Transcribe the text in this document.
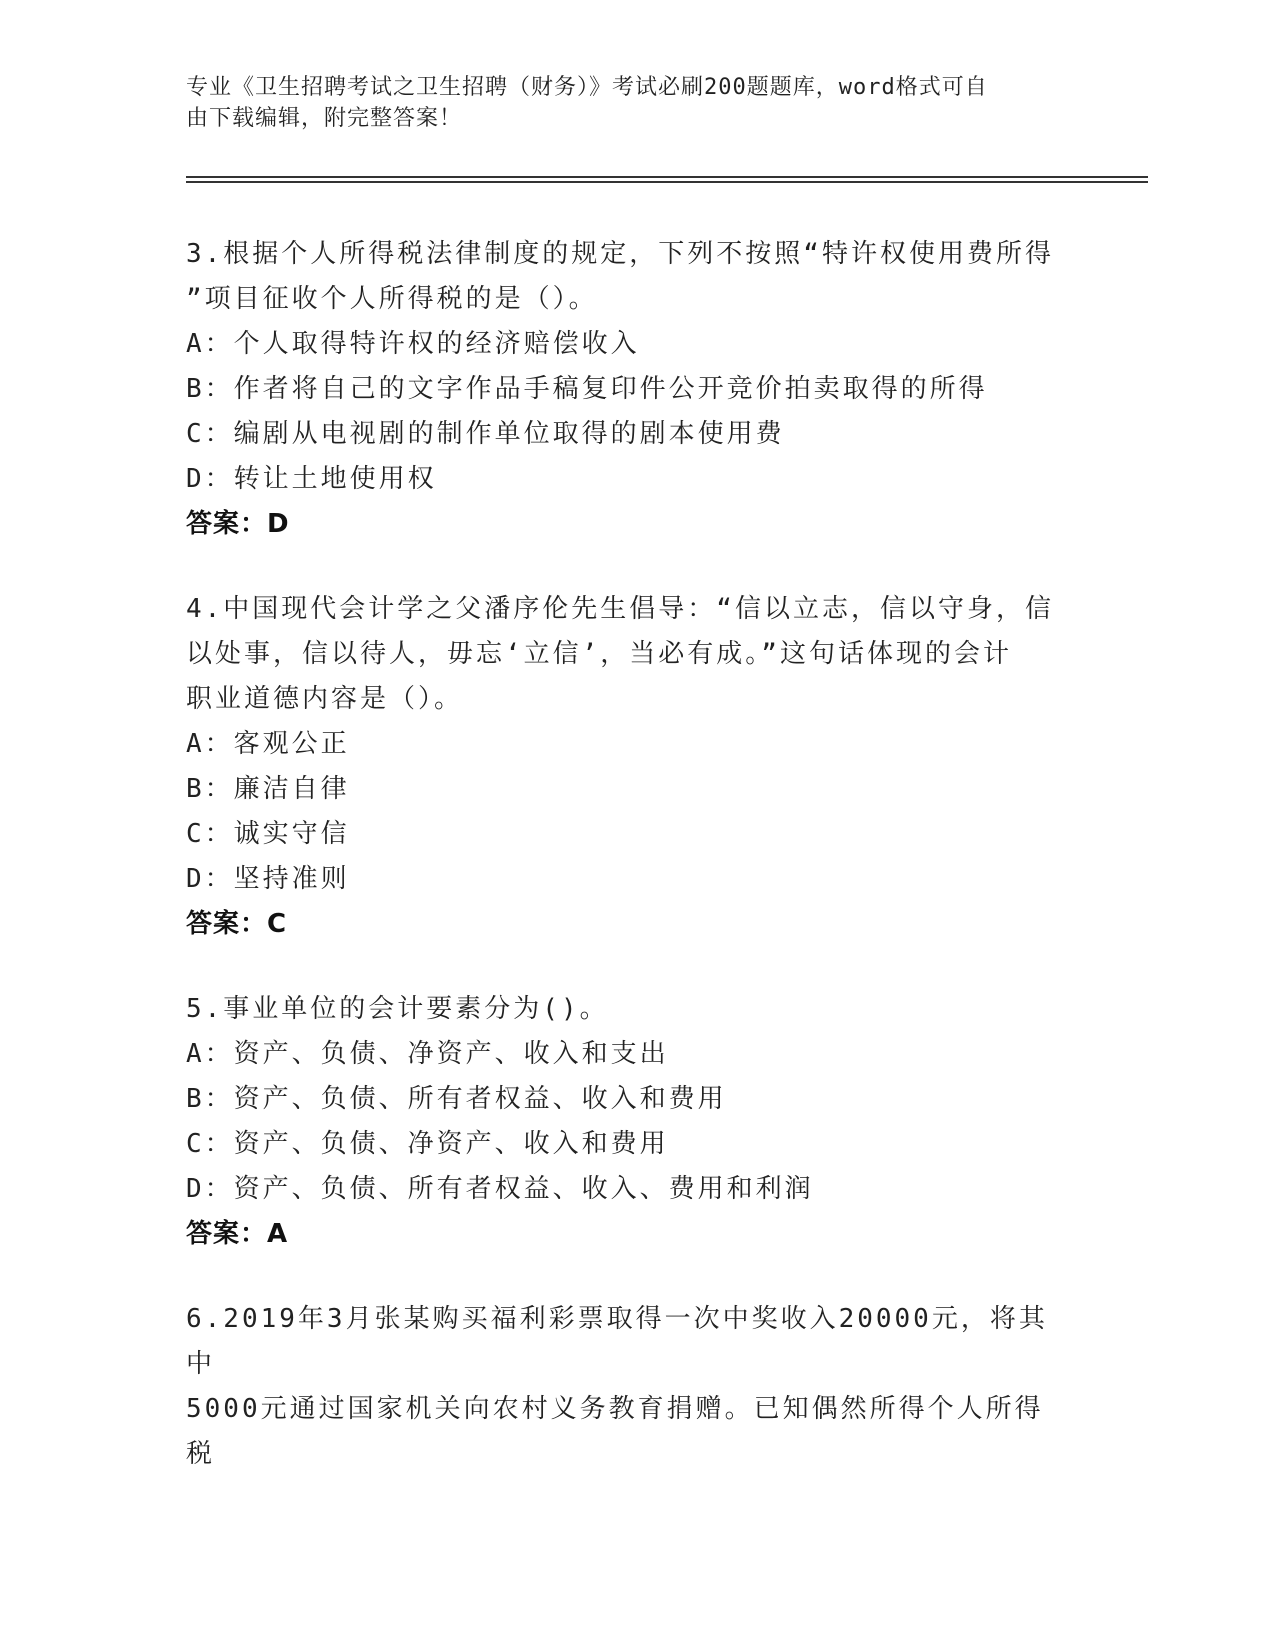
专业《卫生招聘考试之卫生招聘（财务）》考试必刷200题题库，word格式可自
由下载编辑，附完整答案！
3.根据个人所得税法律制度的规定，下列不按照“特许权使用费所得
”项目征收个人所得税的是（）。
A：个人取得特许权的经济赔偿收入
B：作者将自己的文字作品手稿复印件公开竞价拍卖取得的所得
C：编剧从电视剧的制作单位取得的剧本使用费
D：转让土地使用权
答案：D
4.中国现代会计学之父潘序伦先生倡导：“信以立志，信以守身，信
以处事，信以待人，毋忘‘立信’，当必有成。”这句话体现的会计
职业道德内容是（）。
A：客观公正
B：廉洁自律
C：诚实守信
D：坚持准则
答案：C
5.事业单位的会计要素分为()。
A：资产、负债、净资产、收入和支出
B：资产、负债、所有者权益、收入和费用
C：资产、负债、净资产、收入和费用
D：资产、负债、所有者权益、收入、费用和利润
答案：A
6.2019年3月张某购买福利彩票取得一次中奖收入20000元，将其中
5000元通过国家机关向农村义务教育捐赠。已知偶然所得个人所得税
